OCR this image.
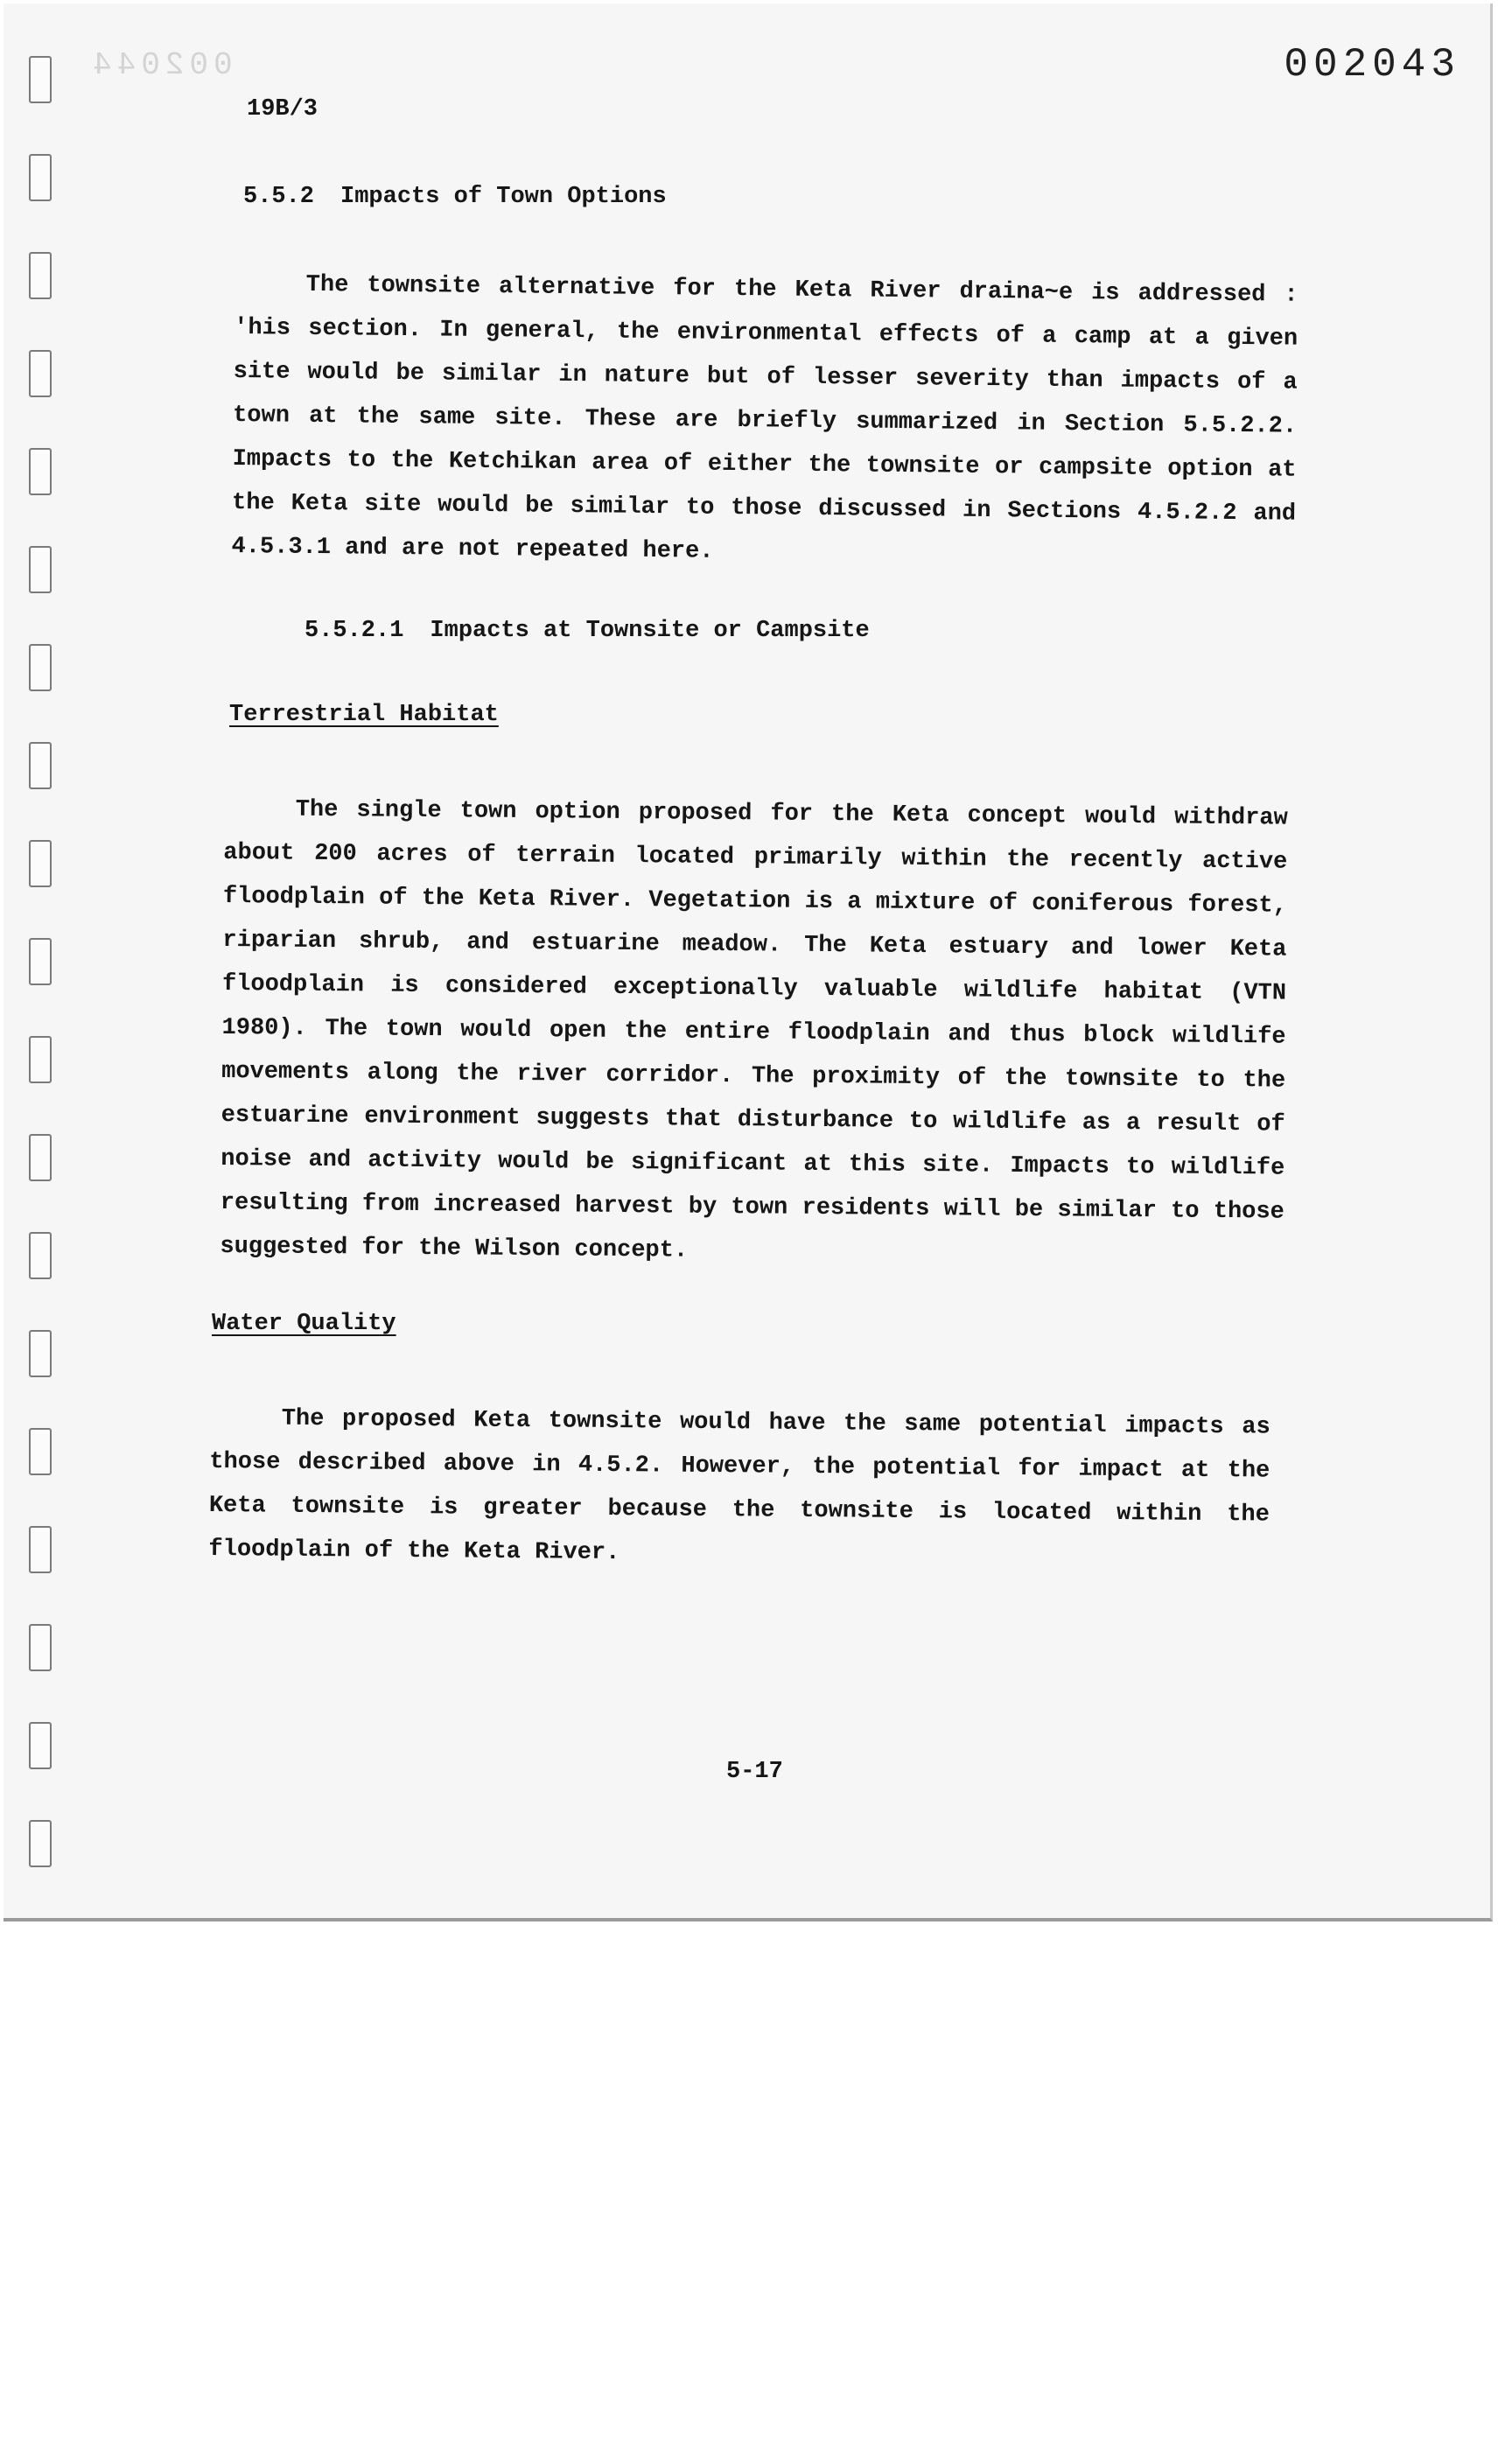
002044	002043
19B/3
5.5.2 Impacts of Town Options
The townsite alternative for the Keta River draina~e is addressed : 'his section. In general, the environmental effects of a camp at a given site would be similar in nature but of lesser severity than impacts of a town at the same site. These are briefly summarized in Section 5.5.2.2. Impacts to the Ketchikan area of either the townsite or campsite option at the Keta site would be similar to those discussed in Sections 4.5.2.2 and 4.5.3.1 and are not repeated here.
5.5.2.1 Impacts at Townsite or Campsite
Terrestrial Habitat
The single town option proposed for the Keta concept would withdraw about 200 acres of terrain located primarily within the recently active floodplain of the Keta River. Vegetation is a mixture of coniferous forest, riparian shrub, and estuarine meadow. The Keta estuary and lower Keta floodplain is considered exceptionally valuable wildlife habitat (VTN 1980). The town would open the entire floodplain and thus block wildlife movements along the river corridor. The proximity of the townsite to the estuarine environment suggests that disturbance to wildlife as a result of noise and activity would be significant at this site. Impacts to wildlife resulting from increased harvest by town residents will be similar to those suggested for the Wilson concept.
Water Quality
The proposed Keta townsite would have the same potential impacts as those described above in 4.5.2. However, the potential for impact at the Keta townsite is greater because the townsite is located within the floodplain of the Keta River.
5-17
